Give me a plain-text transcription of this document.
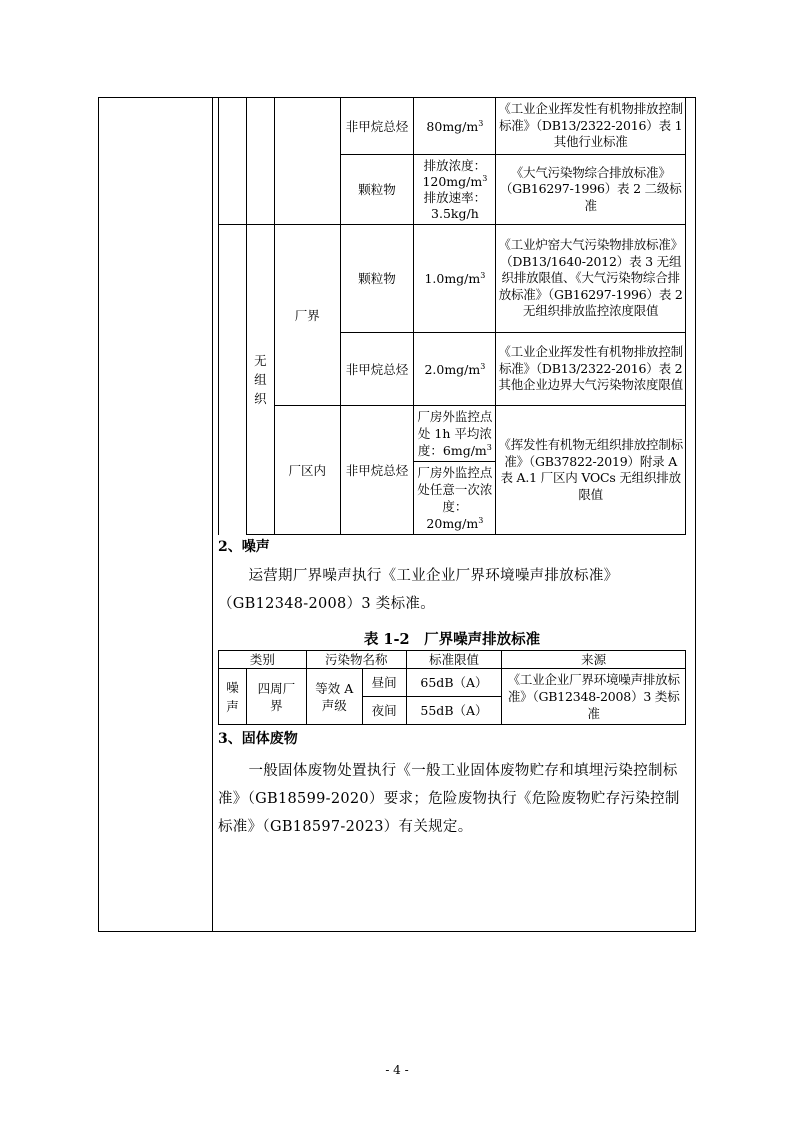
			非甲烷总烃	$80mg/m^3$	《工业企业挥发性有机物排放控制标准》（DB13/2322-2016）表 1 其他行业标准
			颗粒物	排放浓度：
$120mg/m^3$
排放速率：
3.5kg/h	《大气污染物综合排放标准》（GB16297-1996）表 2 二级标准
	无组织	厂界	颗粒物	$1.0mg/m^3$	《工业炉窑大气污染物排放标准》（DB13/1640-2012）表 3 无组织排放限值、《大气污染物综合排放标准》（GB16297-1996）表 2 无组织排放监控浓度限值
			非甲烷总烃	$2.0mg/m^3$	《工业企业挥发性有机物排放控制标准》（DB13/2322-2016）表 2 其他企业边界大气污染物浓度限值
		厂区内	非甲烷总烃	厂房外监控点处 1h 平均浓度：$6mg/m^3$
厂房外监控点处任意一次浓度：$20mg/m^3$	《挥发性有机物无组织排放控制标准》（GB37822-2019）附录 A 表 A.1 厂区内 VOCs 无组织排放限值
2、噪声
运营期厂界噪声执行《工业企业厂界环境噪声排放标准》（GB12348-2008）3 类标准。
表 1-2　厂界噪声排放标准
类别		污染物名称		标准限值	来源
噪声	四周厂界	等效 A 声级	昼间	65dB（A）	《工业企业厂界环境噪声排放标准》（GB12348-2008）3 类标准
			夜间	55dB（A）	
3、固体废物
一般固体废物处置执行《一般工业固体废物贮存和填埋污染控制标准》（GB18599-2020）要求；危险废物执行《危险废物贮存污染控制标准》（GB18597-2023）有关规定。
- 4 -
